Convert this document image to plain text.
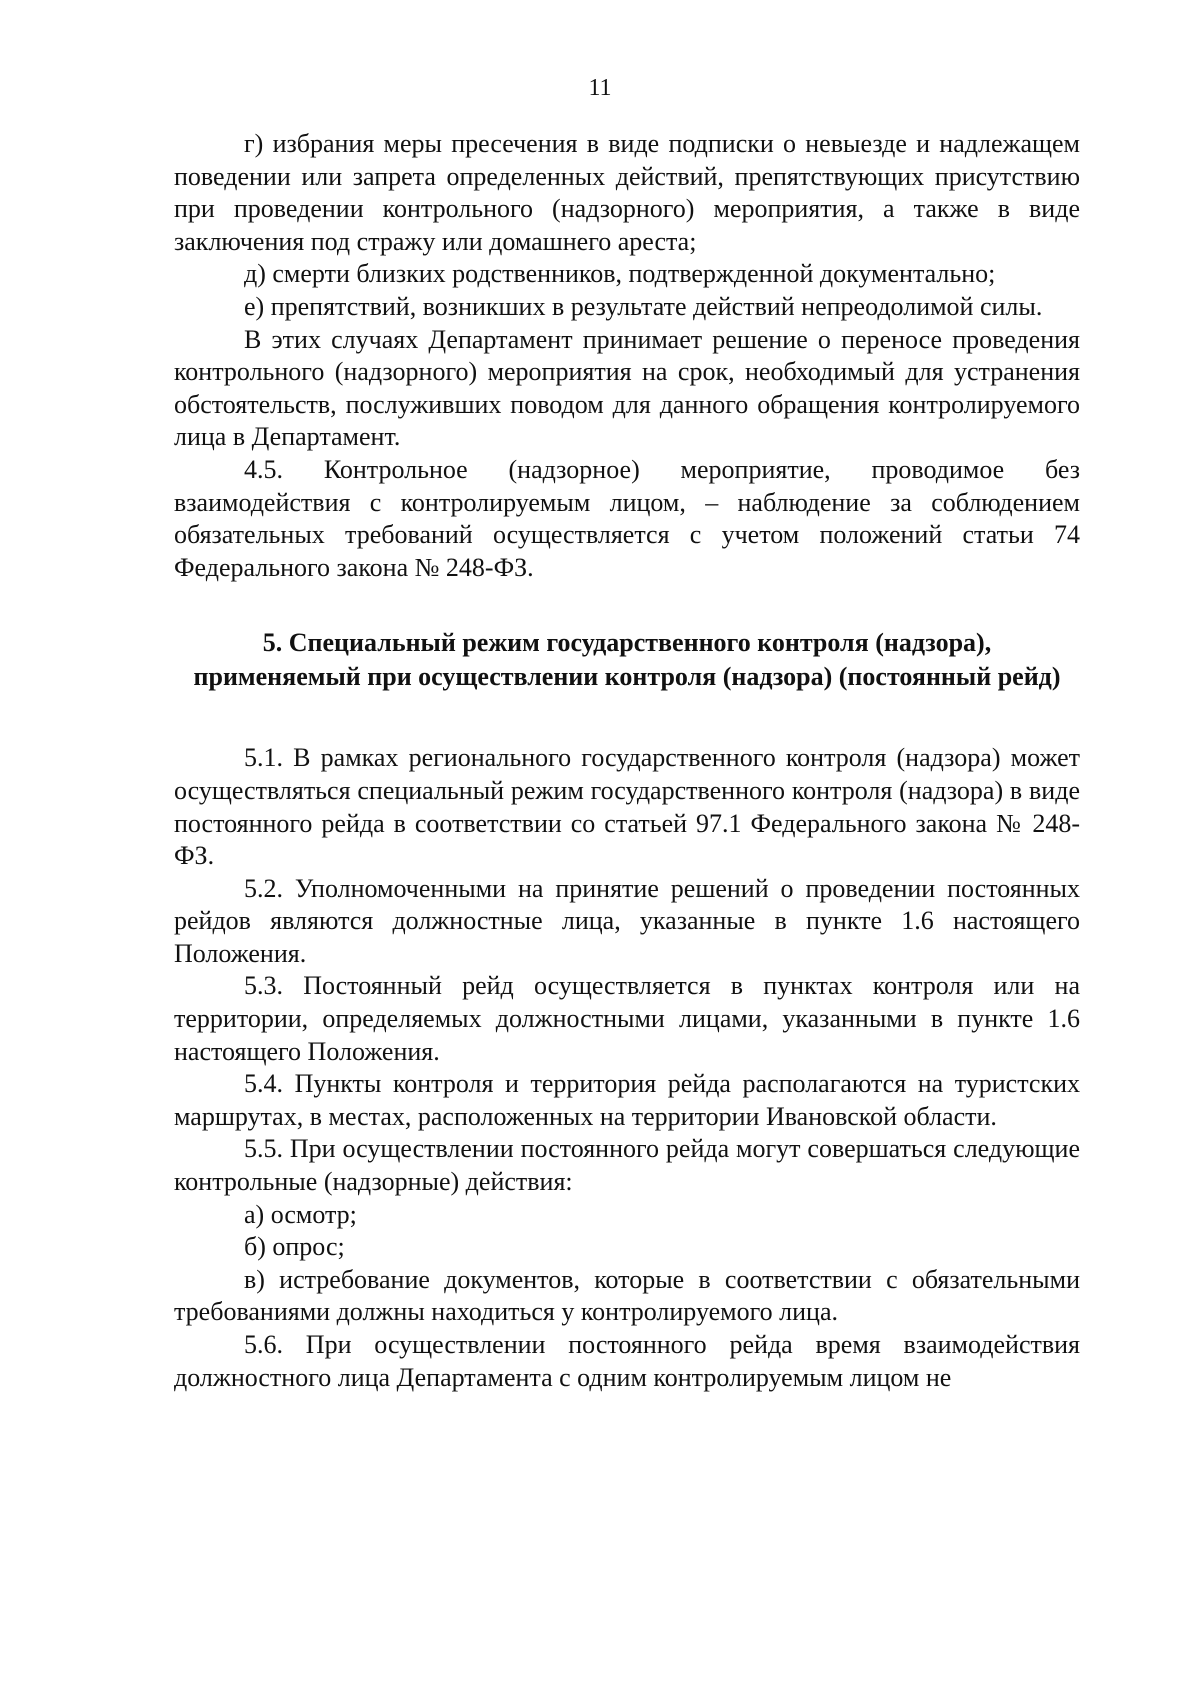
11

г) избрания меры пресечения в виде подписки о невыезде и надлежащем поведении или запрета определенных действий, препятствующих присутствию при проведении контрольного (надзорного) мероприятия, а также в виде заключения под стражу или домашнего ареста;

д) смерти близких родственников, подтвержденной документально;

е) препятствий, возникших в результате действий непреодолимой силы.

В этих случаях Департамент принимает решение о переносе проведения контрольного (надзорного) мероприятия на срок, необходимый для устранения обстоятельств, послуживших поводом для данного обращения контролируемого лица в Департамент.

4.5. Контрольное (надзорное) мероприятие, проводимое без взаимодействия с контролируемым лицом, – наблюдение за соблюдением обязательных требований осуществляется с учетом положений статьи 74 Федерального закона № 248-ФЗ.

5. Специальный режим государственного контроля (надзора), применяемый при осуществлении контроля (надзора) (постоянный рейд)

5.1. В рамках регионального государственного контроля (надзора) может осуществляться специальный режим государственного контроля (надзора) в виде постоянного рейда в соответствии со статьей 97.1 Федерального закона № 248-ФЗ.

5.2. Уполномоченными на принятие решений о проведении постоянных рейдов являются должностные лица, указанные в пункте 1.6 настоящего Положения.

5.3. Постоянный рейд осуществляется в пунктах контроля или на территории, определяемых должностными лицами, указанными в пункте 1.6 настоящего Положения.

5.4. Пункты контроля и территория рейда располагаются на туристских маршрутах, в местах, расположенных на территории Ивановской области.

5.5. При осуществлении постоянного рейда могут совершаться следующие контрольные (надзорные) действия:

а) осмотр;

б) опрос;

в) истребование документов, которые в соответствии с обязательными требованиями должны находиться у контролируемого лица.

5.6. При осуществлении постоянного рейда время взаимодействия должностного лица Департамента с одним контролируемым лицом не
